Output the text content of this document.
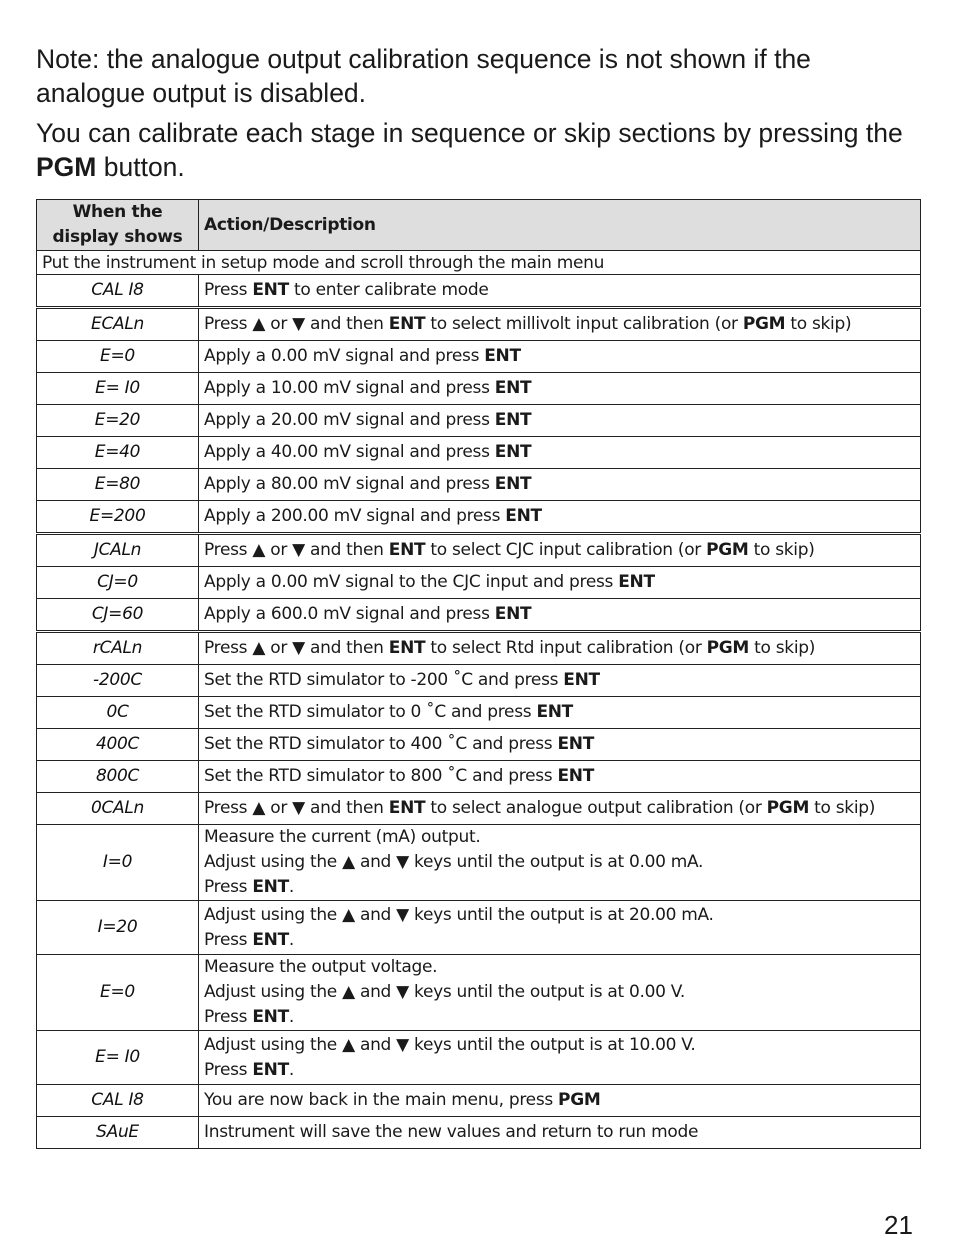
Note: the analogue output calibration sequence is not shown if the analogue output is disabled.

You can calibrate each stage in sequence or skip sections by pressing the PGM button.

When the display shows	Action/Description
Put the instrument in setup mode and scroll through the main menu	
CAL I8	Press ENT to enter calibrate mode
ECALn	Press ▲ or ▼ and then ENT to select millivolt input calibration (or PGM to skip)
E=0	Apply a 0.00 mV signal and press ENT
E= I0	Apply a 10.00 mV signal and press ENT
E=20	Apply a 20.00 mV signal and press ENT
E=40	Apply a 40.00 mV signal and press ENT
E=80	Apply a 80.00 mV signal and press ENT
E=200	Apply a 200.00 mV signal and press ENT
JCALn	Press ▲ or ▼ and then ENT to select CJC input calibration (or PGM to skip)
CJ=0	Apply a 0.00 mV signal to the CJC input and press ENT
CJ=60	Apply a 600.0 mV signal and press ENT
rCALn	Press ▲ or ▼ and then ENT to select Rtd input calibration (or PGM to skip)
-200C	Set the RTD simulator to -200 ˚C and press ENT
0C	Set the RTD simulator to 0 ˚C and press ENT
400C	Set the RTD simulator to 400 ˚C and press ENT
800C	Set the RTD simulator to 800 ˚C and press ENT
0CALn	Press ▲ or ▼ and then ENT to select analogue output calibration (or PGM to skip)
I=0	Measure the current (mA) output.
Adjust using the ▲ and ▼ keys until the output is at 0.00 mA.
Press ENT.
I=20	Adjust using the ▲ and ▼ keys until the output is at 20.00 mA.
Press ENT.
E=0	Measure the output voltage.
Adjust using the ▲ and ▼ keys until the output is at 0.00 V.
Press ENT.
E= I0	Adjust using the ▲ and ▼ keys until the output is at 10.00 V.
Press ENT.
CAL I8	You are now back in the main menu, press PGM
SAuE	Instrument will save the new values and return to run mode
21
